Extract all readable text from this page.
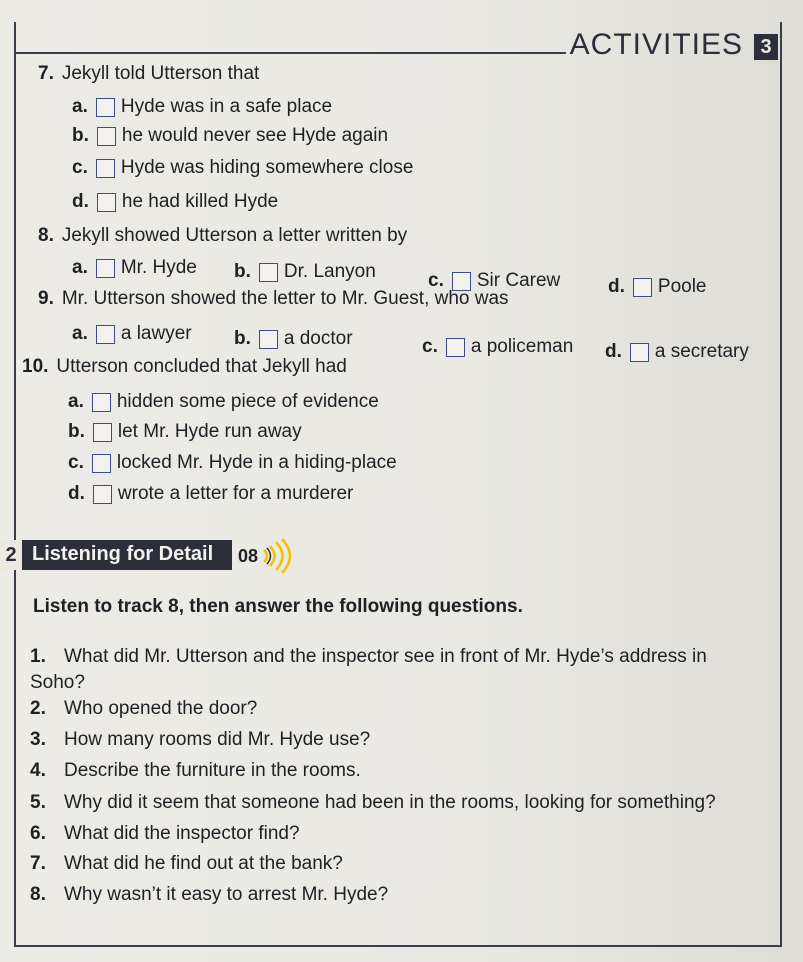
ACTIVITIES 3
7. Jekyll told Utterson that
a. Hyde was in a safe place
b. he would never see Hyde again
c. Hyde was hiding somewhere close
d. he had killed Hyde
8. Jekyll showed Utterson a letter written by
a. Mr. Hyde b. Dr. Lanyon	c. Sir Carew	d. Poole
9. Mr. Utterson showed the letter to Mr. Guest, who was
a. a lawyer b. a doctor	c. a policeman d. a secretary
10. Utterson concluded that Jekyll had
a. hidden some piece of evidence
b. let Mr. Hyde run away
c. locked Mr. Hyde in a hiding-place
d. wrote a letter for a murderer
2 Listening for Detail 08
Listen to track 8, then answer the following questions.
1. What did Mr. Utterson and the inspector see in front of Mr. Hyde’s address in Soho?
2. Who opened the door?
3. How many rooms did Mr. Hyde use?
4. Describe the furniture in the rooms.
5. Why did it seem that someone had been in the rooms, looking for something?
6. What did the inspector find?
7. What did he find out at the bank?
8. Why wasn’t it easy to arrest Mr. Hyde?
